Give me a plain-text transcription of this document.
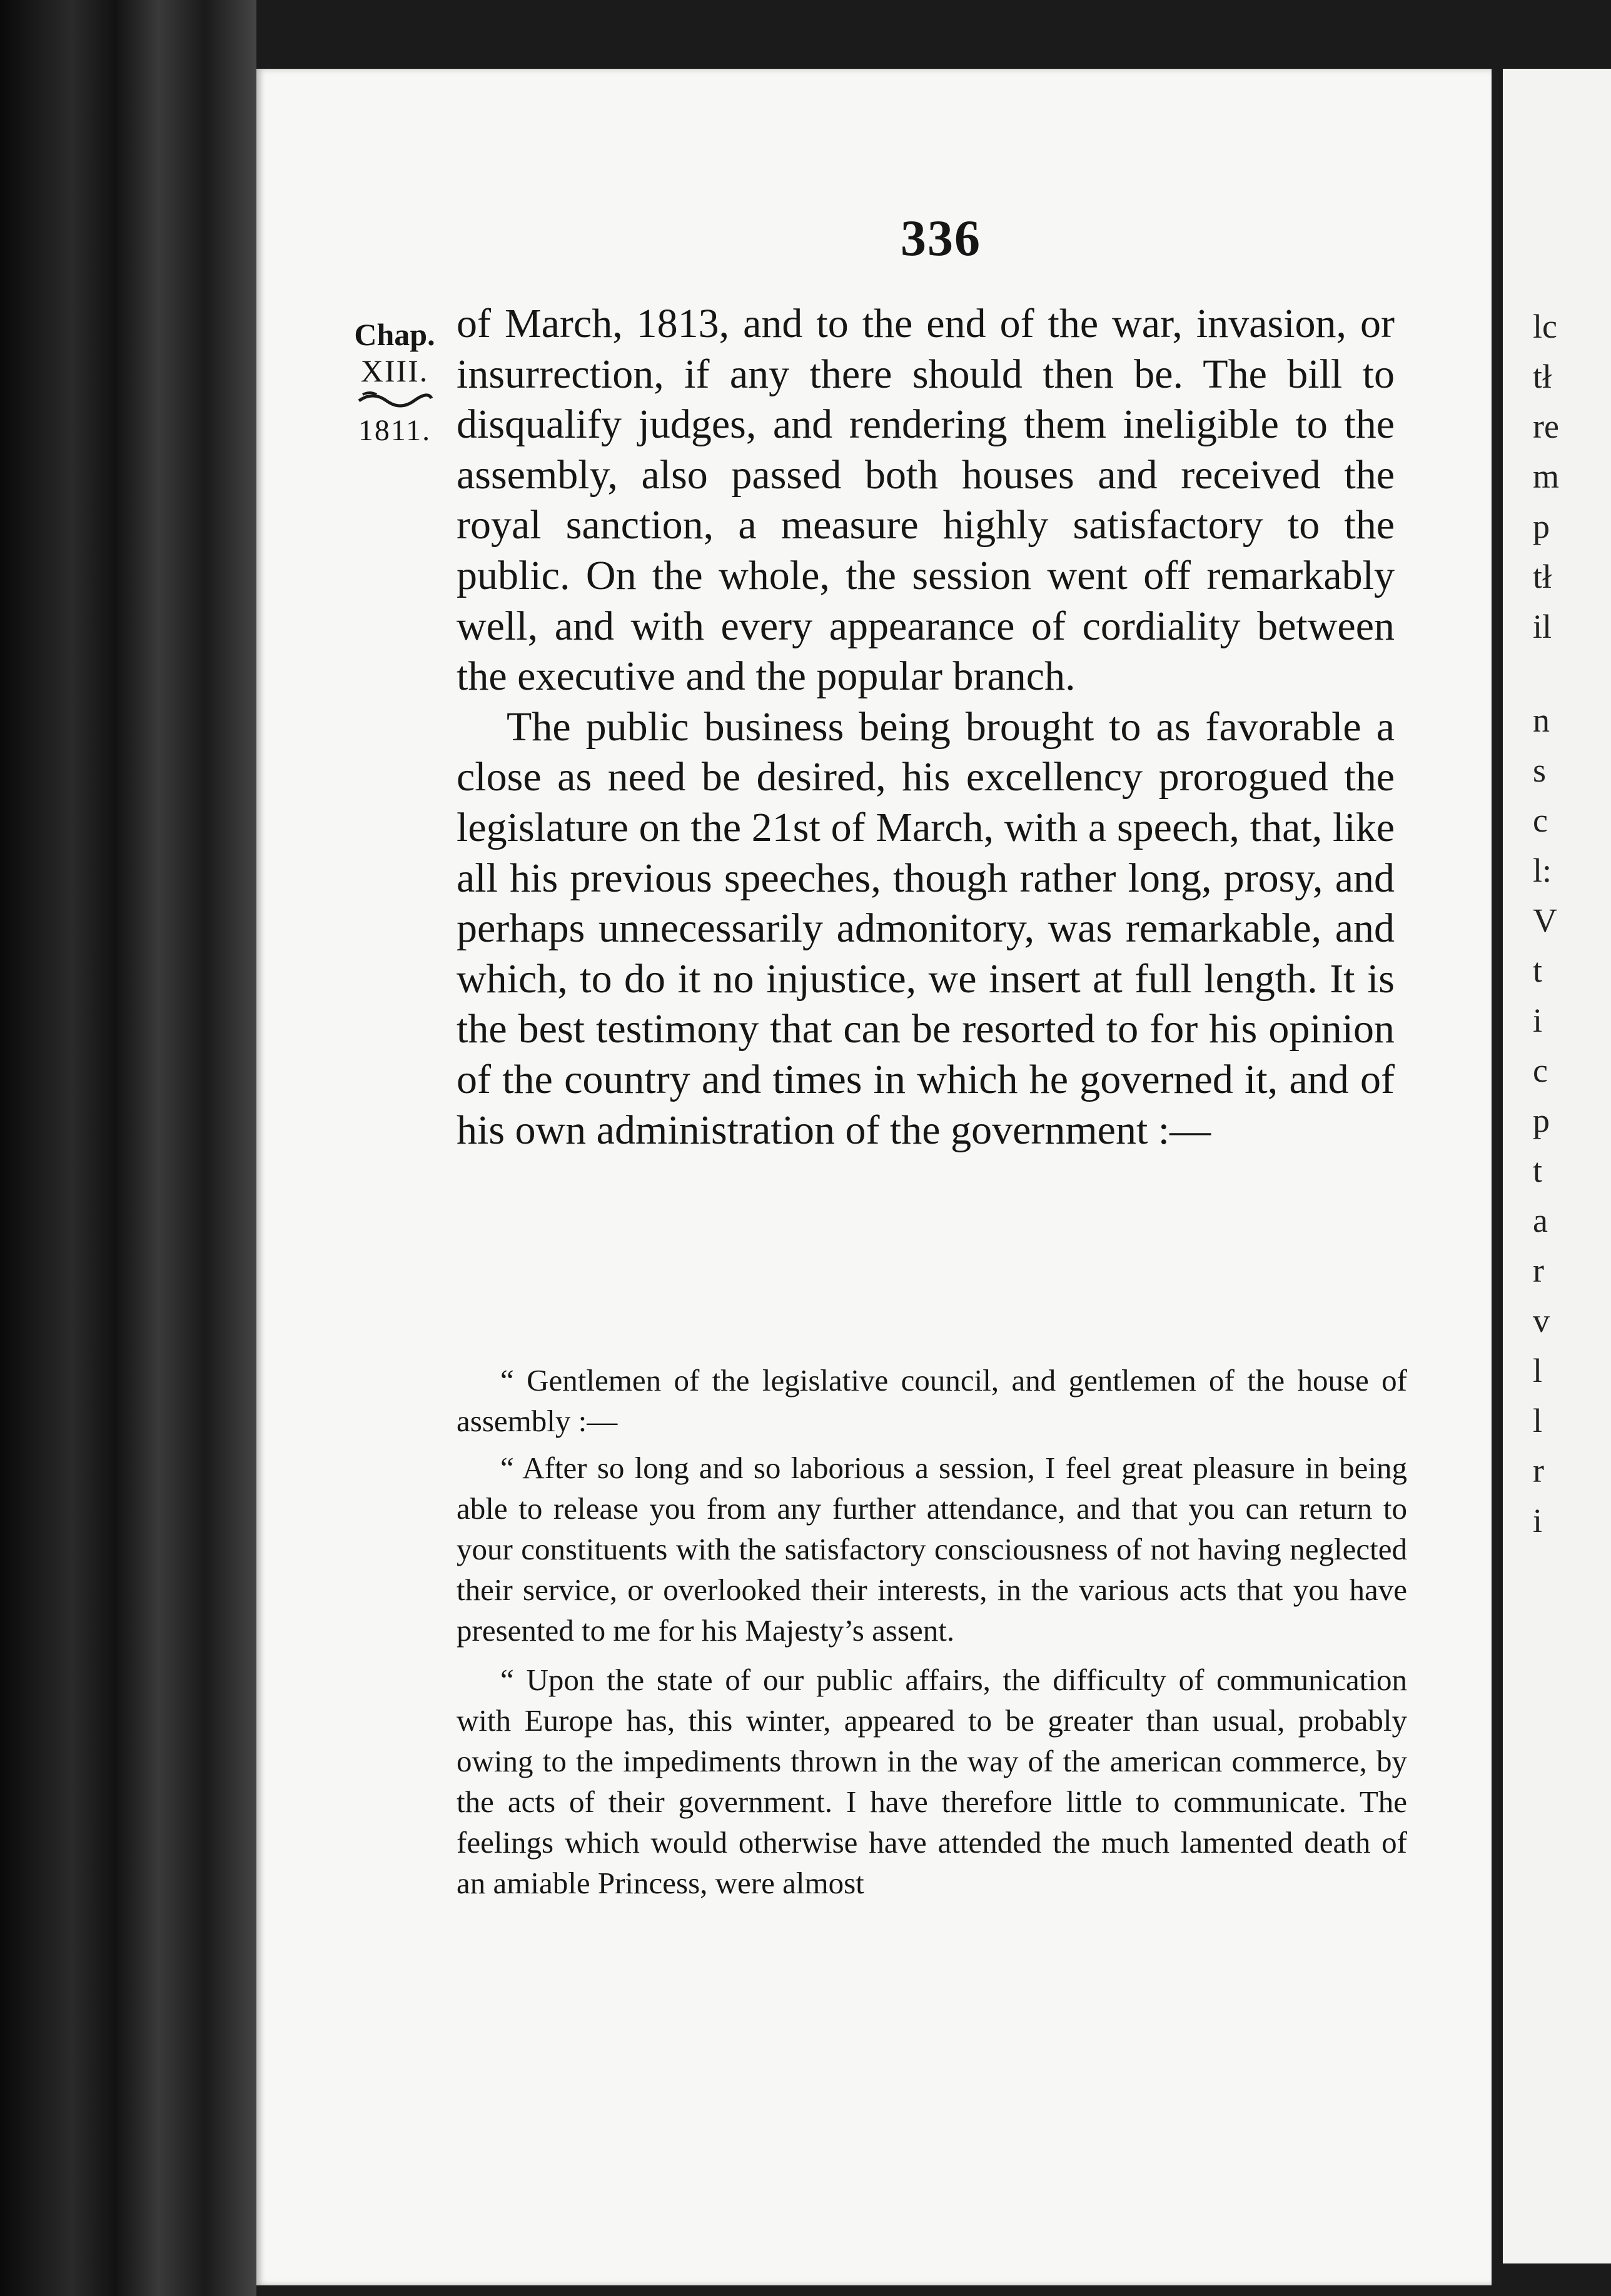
336
Chap.
XIII.
1811.

of March, 1813, and to the end of the war, invasion, or insurrection, if any there should then be. The bill to disqualify judges, and rendering them ineligible to the assembly, also passed both houses and received the royal sanction, a measure highly satisfactory to the public. On the whole, the session went off remarkably well, and with every appearance of cordiality between the executive and the popular branch.

The public business being brought to as favorable a close as need be desired, his excellency prorogued the legislature on the 21st of March, with a speech, that, like all his previous speeches, though rather long, prosy, and perhaps unnecessarily admonitory, was remarkable, and which, to do it no injustice, we insert at full length. It is the best testimony that can be resorted to for his opinion of the country and times in which he governed it, and of his own administration of the government :—

“ Gentlemen of the legislative council, and gentlemen of the house of assembly :—

“ After so long and so laborious a session, I feel great pleasure in being able to release you from any further attendance, and that you can return to your constituents with the satisfactory consciousness of not having neglected their service, or overlooked their interests, in the various acts that you have presented to me for his Majesty’s assent.

“ Upon the state of our public affairs, the difficulty of communication with Europe has, this winter, appeared to be greater than usual, probably owing to the impediments thrown in the way of the american commerce, by the acts of their government. I have therefore little to communicate. The feelings which would otherwise have attended the much lamented death of an amiable Princess, were almost

lc
tł
re
m
p
tł
il
n
s
c
l:
V
t
i
c
p
t
a
r
v
l
l
r
i
